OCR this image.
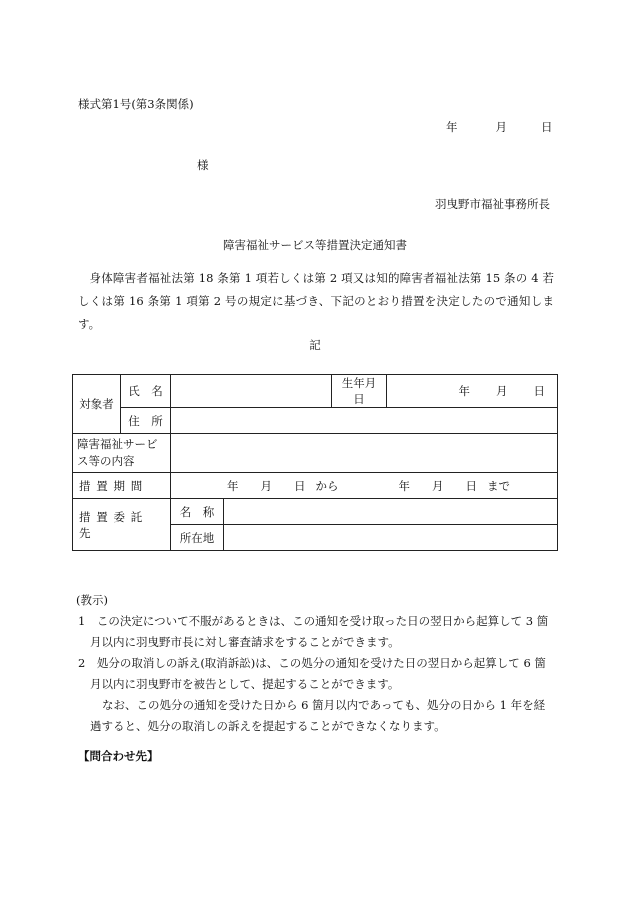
様式第1号(第3条関係)
年	月	日
様
羽曳野市福祉事務所長
障害福祉サービス等措置決定通知書
身体障害者福祉法第 18 条第 1 項若しくは第 2 項又は知的障害者福祉法第 15 条の 4 若しくは第 16 条第 1 項第 2 号の規定に基づき、下記のとおり措置を決定したので通知します。
記
対象者	氏　名			生年月日	年 月 日
	住　所				
障害福祉サービス等の内容					
措置期間		年 月 日 から 年 月 日 まで			
措置委託先		名　称			
		所在地			
(教示)
1　この決定について不服があるときは、この通知を受け取った日の翌日から起算して 3 箇月以内に羽曳野市長に対し審査請求をすることができます。
2　処分の取消しの訴え(取消訴訟)は、この処分の通知を受けた日の翌日から起算して 6 箇月以内に羽曳野市を被告として、提起することができます。
なお、この処分の通知を受けた日から 6 箇月以内であっても、処分の日から 1 年を経過すると、処分の取消しの訴えを提起することができなくなります。
【問合わせ先】
